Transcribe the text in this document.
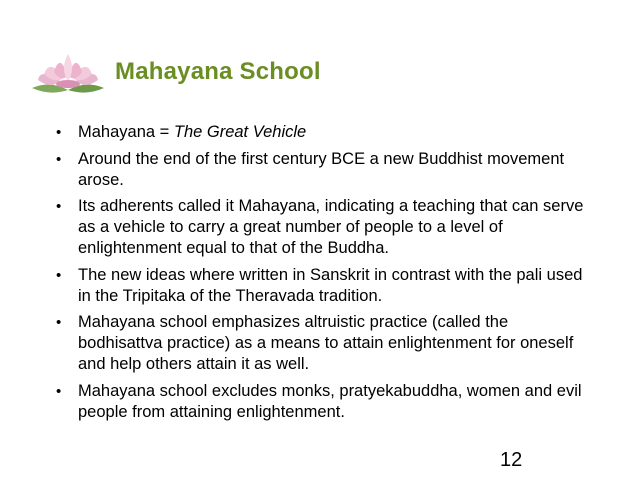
Mahayana School
• Mahayana = The Great Vehicle
• Around the end of the first century BCE a new Buddhist movement arose.
• Its adherents called it Mahayana, indicating a teaching that can serve as a vehicle to carry a great number of people to a level of enlightenment equal to that of the Buddha.
• The new ideas where written in Sanskrit in contrast with the pali used in the Tripitaka of the Theravada tradition.
• Mahayana school emphasizes altruistic practice (called the bodhisattva practice) as a means to attain enlightenment for oneself and help others attain it as well.
• Mahayana school excludes monks, pratyekabuddha, women and evil people from attaining enlightenment.
12
